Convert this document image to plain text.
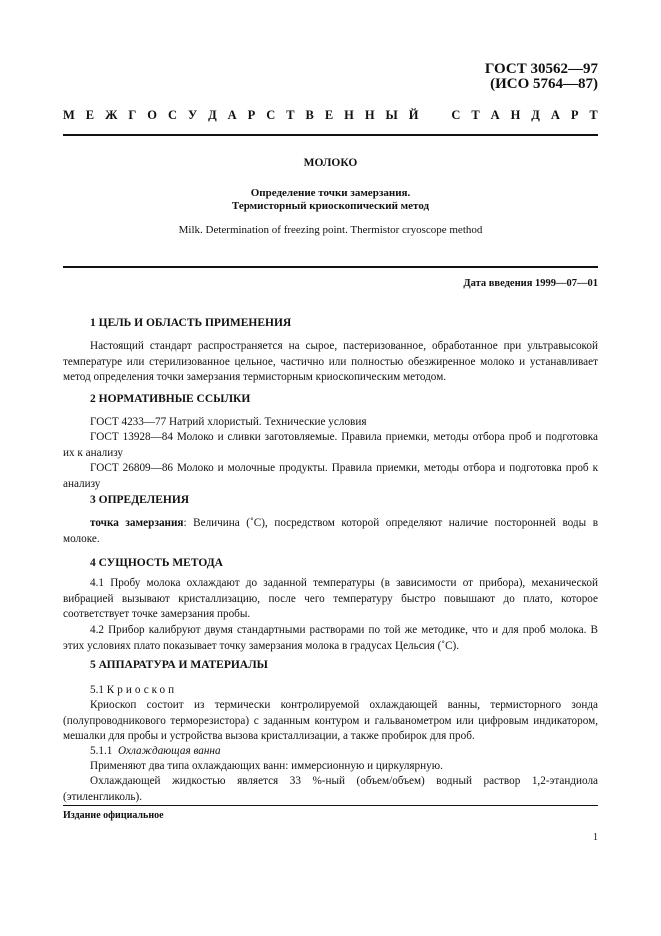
ГОСТ 30562—97
(ИСО 5764—87)
М Е Ж Г О С У Д А Р С Т В Е Н Н Ы Й	С Т А Н Д А Р Т
МОЛОКО
Определение точки замерзания.
Термисторный криоскопический метод
Milk. Determination of freezing point. Thermistor cryoscope method
Дата введения 1999—07—01
1 ЦЕЛЬ И ОБЛАСТЬ ПРИМЕНЕНИЯ

Настоящий стандарт распространяется на сырое, пастеризованное, обработанное при ультравысокой температуре или стерилизованное цельное, частично или полностью обезжиренное молоко и устанавливает метод определения точки замерзания термисторным криоскопическим методом.

2 НОРМАТИВНЫЕ ССЫЛКИ

ГОСТ 4233—77 Натрий хлористый. Технические условия

ГОСТ 13928—84 Молоко и сливки заготовляемые. Правила приемки, методы отбора проб и подготовка их к анализу

ГОСТ 26809—86 Молоко и молочные продукты. Правила приемки, методы отбора и подготовка проб к анализу

3 ОПРЕДЕЛЕНИЯ

точка замерзания: Величина (˚С), посредством которой определяют наличие посторонней воды в молоке.

4 СУЩНОСТЬ МЕТОДА

4.1 Пробу молока охлаждают до заданной температуры (в зависимости от прибора), механической вибрацией вызывают кристаллизацию, после чего температуру быстро повышают до плато, которое соответствует точке замерзания пробы.

4.2 Прибор калибруют двумя стандартными растворами по той же методике, что и для проб молока. В этих условиях плато показывает точку замерзания молока в градусах Цельсия (˚С).

5 АППАРАТУРА И МАТЕРИАЛЫ
5.1 Криоскоп

Криоскоп состоит из термически контролируемой охлаждающей ванны, термисторного зонда (полупроводникового терморезистора) с заданным контуром и гальванометром или цифровым индикатором, мешалки для пробы и устройства вызова кристаллизации, а также пробирок для проб.

5.1.1 Охлаждающая ванна

Применяют два типа охлаждающих ванн: иммерсионную и циркулярную.

Охлаждающей жидкостью является 33 %-ный (объем/объем) водный раствор 1,2-этандиола (этиленгликоль).

Издание официальное
1
